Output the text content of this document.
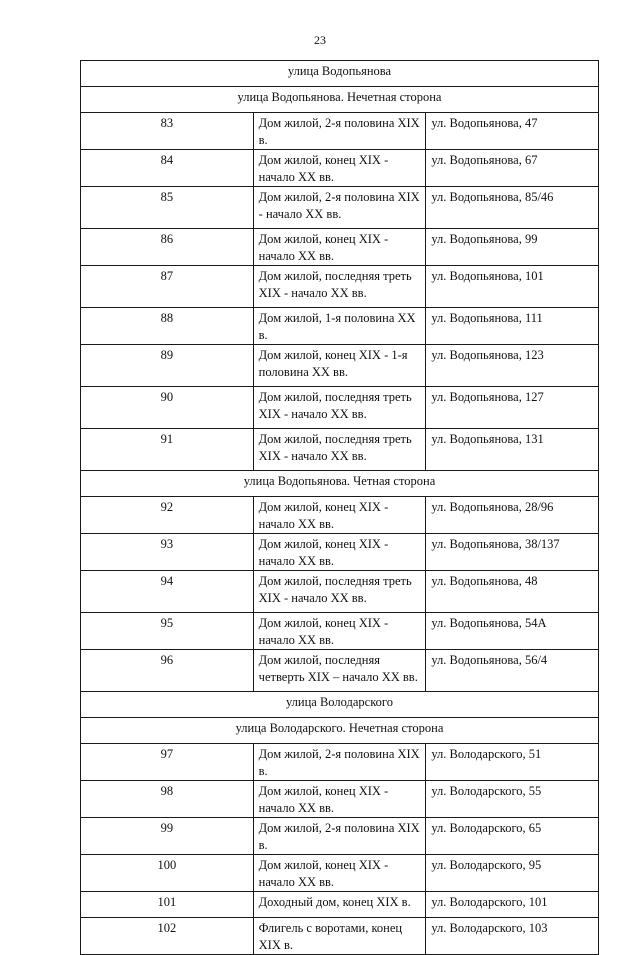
23
улица Водопьянова		
улица Водопьянова. Нечетная сторона		
83	Дом жилой, 2-я половина XIX в.	ул. Водопьянова, 47
84	Дом жилой, конец XIX - начало XX вв.	ул. Водопьянова, 67
85	Дом жилой, 2-я половина XIX - начало XX вв.	ул. Водопьянова, 85/46
86	Дом жилой, конец XIX - начало XX вв.	ул. Водопьянова, 99
87	Дом жилой, последняя треть XIX - начало XX вв.	ул. Водопьянова, 101
88	Дом жилой, 1-я половина XX в.	ул. Водопьянова, 111
89	Дом жилой, конец XIX - 1-я половина XX вв.	ул. Водопьянова, 123
90	Дом жилой, последняя треть XIX - начало XX вв.	ул. Водопьянова, 127
91	Дом жилой, последняя треть XIX - начало XX вв.	ул. Водопьянова, 131
улица Водопьянова. Четная сторона		
92	Дом жилой, конец XIX - начало XX вв.	ул. Водопьянова, 28/96
93	Дом жилой, конец XIX - начало XX вв.	ул. Водопьянова, 38/137
94	Дом жилой, последняя треть XIX - начало XX вв.	ул. Водопьянова, 48
95	Дом жилой, конец XIX - начало XX вв.	ул. Водопьянова, 54А
96	Дом жилой, последняя четверть XIX – начало XX вв.	ул. Водопьянова, 56/4
улица Володарского		
улица Володарского. Нечетная сторона		
97	Дом жилой, 2-я половина XIX в.	ул. Володарского, 51
98	Дом жилой, конец XIX - начало XX вв.	ул. Володарского, 55
99	Дом жилой, 2-я половина XIX в.	ул. Володарского, 65
100	Дом жилой, конец XIX - начало XX вв.	ул. Володарского, 95
101	Доходный дом, конец XIX в.	ул. Володарского, 101
102	Флигель с воротами, конец XIX в.	ул. Володарского, 103
